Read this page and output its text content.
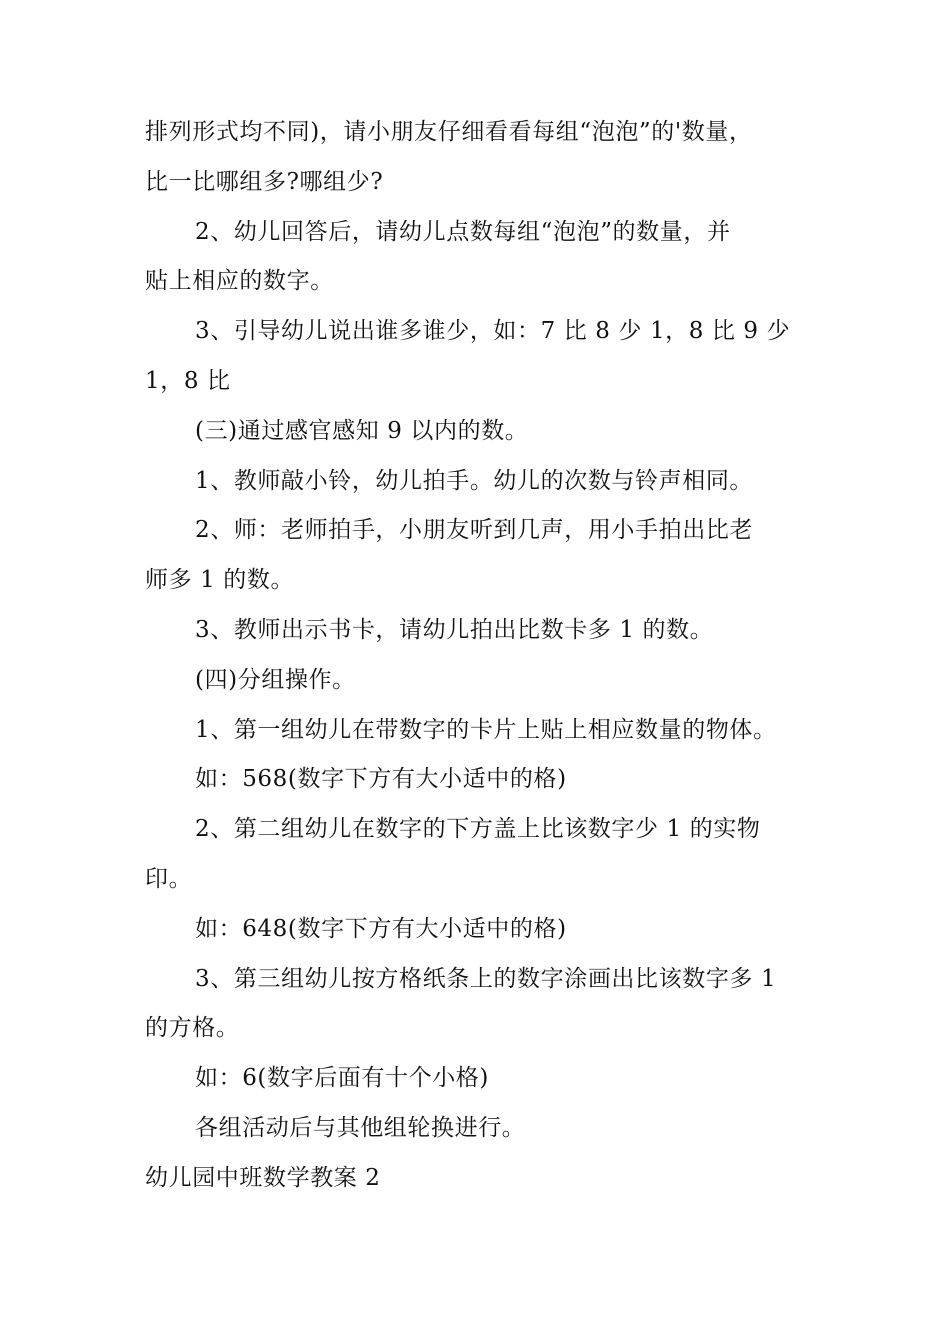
排列形式均不同)，请小朋友仔细看看每组“泡泡”的'数量，

比一比哪组多?哪组少?

2、幼儿回答后，请幼儿点数每组“泡泡”的数量，并

贴上相应的数字。

3、引导幼儿说出谁多谁少，如：7 比 8 少 1，8 比 9 少

1，8 比

(三)通过感官感知 9 以内的数。

1、教师敲小铃，幼儿拍手。幼儿的次数与铃声相同。

2、师：老师拍手，小朋友听到几声，用小手拍出比老

师多 1 的数。

3、教师出示书卡，请幼儿拍出比数卡多 1 的数。

(四)分组操作。

1、第一组幼儿在带数字的卡片上贴上相应数量的物体。

如：568(数字下方有大小适中的格)

2、第二组幼儿在数字的下方盖上比该数字少 1 的实物

印。

如：648(数字下方有大小适中的格)

3、第三组幼儿按方格纸条上的数字涂画出比该数字多 1

的方格。

如：6(数字后面有十个小格)

各组活动后与其他组轮换进行。

幼儿园中班数学教案 2
